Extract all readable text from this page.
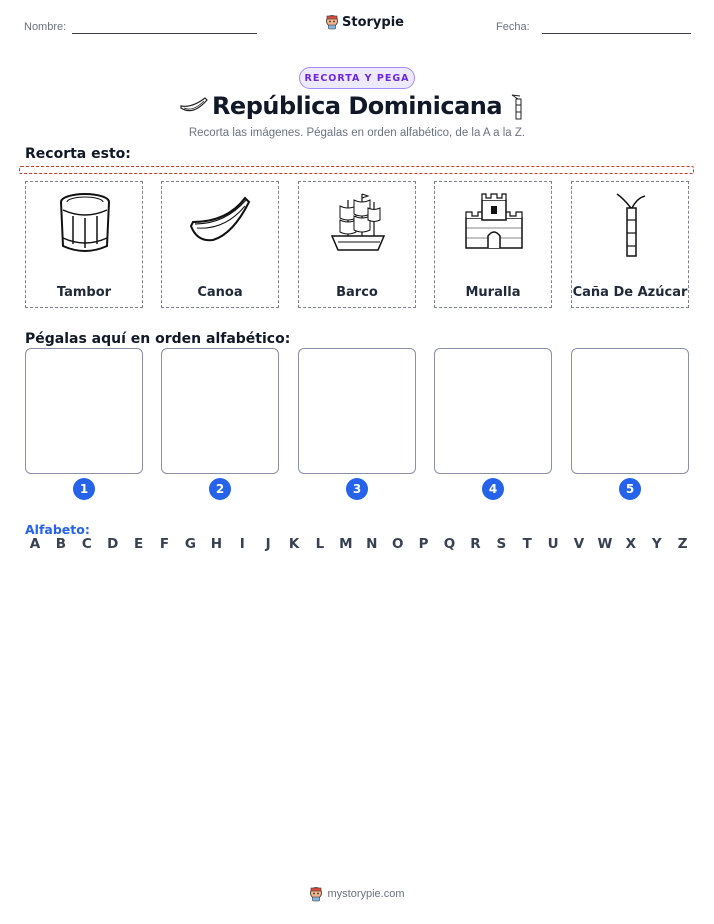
Nombre:	Storypie	Fecha:
RECORTA Y PEGA
República Dominicana
Recorta las imágenes. Pégalas en orden alfabético, de la A a la Z.
Recorta esto:
Tambor	Canoa	Barco	Muralla	Caña De Azúcar
Pégalas aquí en orden alfabético:
1	2	3	4	5
Alfabeto:
A	B	C	D	E	F	G	H	I	J	K	L	M	N	O	P	Q	R	S	T	U	V W X	Y	Z
mystorypie.com
